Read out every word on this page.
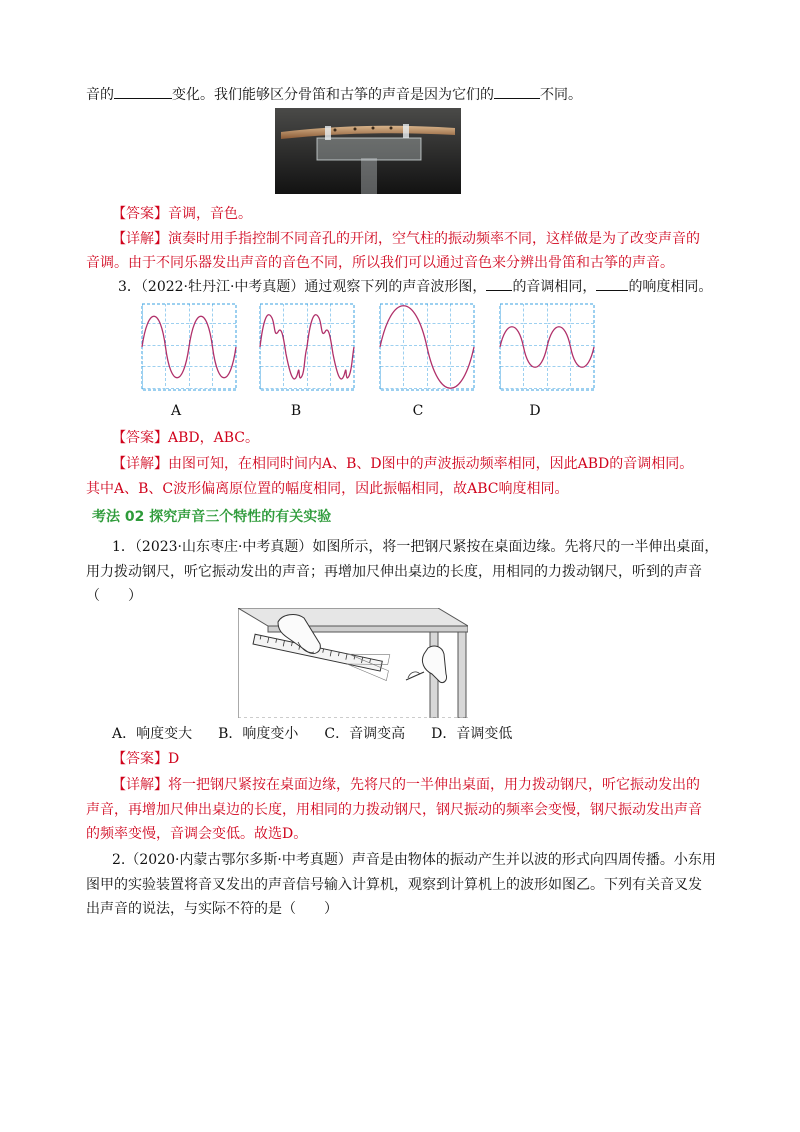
音的	变化。我们能够区分骨笛和古筝的声音是因为它们的	不同。
【答案】音调，音色。
【详解】演奏时用手指控制不同音孔的开闭，空气柱的振动频率不同，这样做是为了改变声音的
音调。由于不同乐器发出声音的音色不同，所以我们可以通过音色来分辨出骨笛和古筝的声音。
3．（2022·牡丹江·中考真题）通过观察下列的声音波形图， 的音调相同， 的响度相同。
A	B	C	D
【答案】ABD，ABC。
【详解】由图可知，在相同时间内A、B、D图中的声波振动频率相同，因此ABD的音调相同。
其中A、B、C波形偏离原位置的幅度相同，因此振幅相同，故ABC响度相同。
考法 02 探究声音三个特性的有关实验
1．（2023·山东枣庄·中考真题）如图所示，将一把钢尺紧按在桌面边缘。先将尺的一半伸出桌面，
用力拨动钢尺，听它振动发出的声音；再增加尺伸出桌边的长度，用相同的力拨动钢尺，听到的声音
（　　）
A．响度变大 B．响度变小 C．音调变高 D．音调变低
【答案】D
【详解】将一把钢尺紧按在桌面边缘，先将尺的一半伸出桌面，用力拨动钢尺，听它振动发出的
声音，再增加尺伸出桌边的长度，用相同的力拨动钢尺，钢尺振动的频率会变慢，钢尺振动发出声音
的频率变慢，音调会变低。故选D。
2.（2020·内蒙古鄂尔多斯·中考真题）声音是由物体的振动产生并以波的形式向四周传播。小东用
图甲的实验装置将音叉发出的声音信号输入计算机，观察到计算机上的波形如图乙。下列有关音叉发
出声音的说法，与实际不符的是（　　）
